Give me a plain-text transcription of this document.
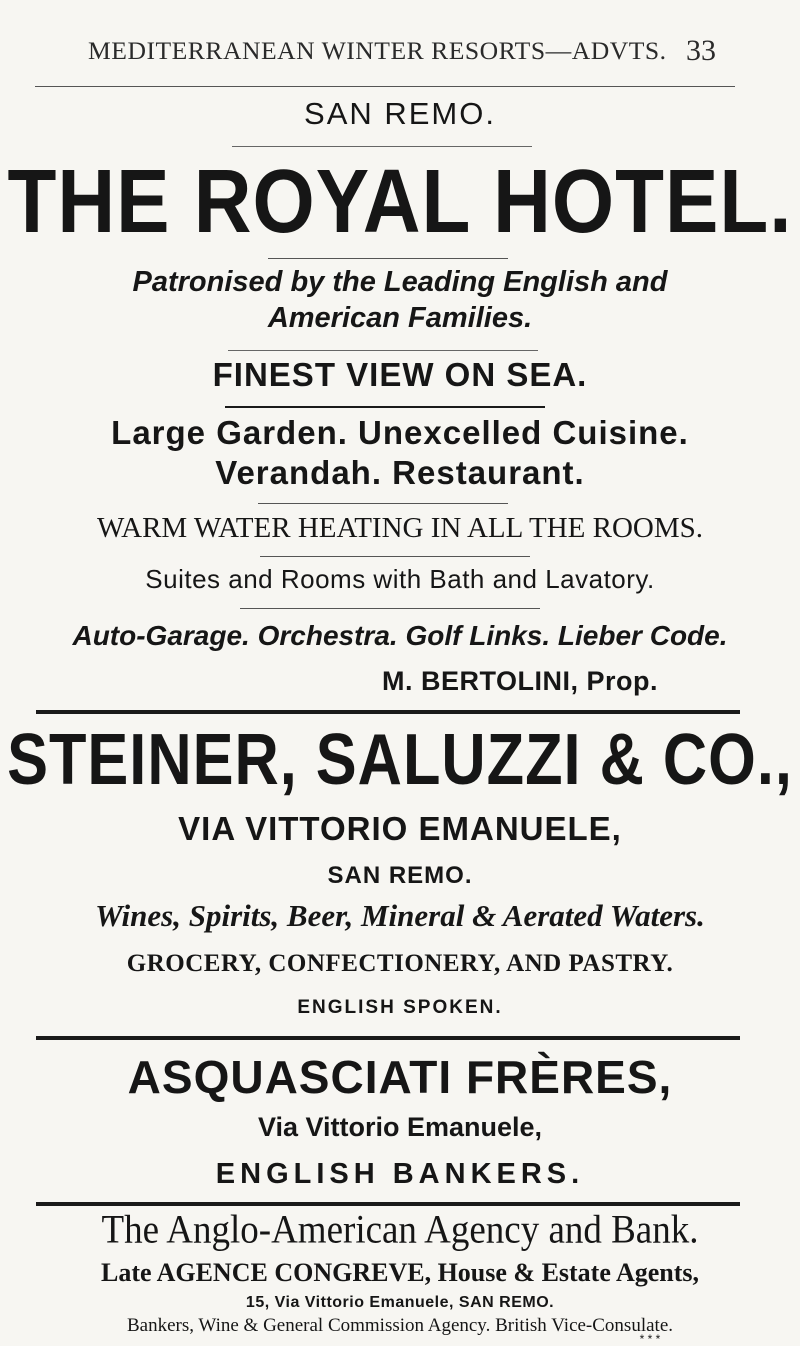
MEDITERRANEAN WINTER RESORTS—ADVTS. 33
SAN REMO.
THE ROYAL HOTEL.
Patronised by the Leading English and
American Families.
FINEST VIEW ON SEA.
Large Garden. Unexcelled Cuisine.
Verandah. Restaurant.
WARM WATER HEATING IN ALL THE ROOMS.
Suites and Rooms with Bath and Lavatory.
Auto-Garage. Orchestra. Golf Links. Lieber Code.
M. BERTOLINI, Prop.
STEINER, SALUZZI & CO.,
VIA VITTORIO EMANUELE,
SAN REMO.
Wines, Spirits, Beer, Mineral & Aerated Waters.
GROCERY, CONFECTIONERY, AND PASTRY.
ENGLISH SPOKEN.
ASQUASCIATI FRÈRES,
Via Vittorio Emanuele,
ENGLISH BANKERS.
The Anglo-American Agency and Bank.
Late AGENCE CONGREVE, House & Estate Agents,
15, Via Vittorio Emanuele, SAN REMO.
Bankers, Wine & General Commission Agency. British Vice-Consulate.
* * *
